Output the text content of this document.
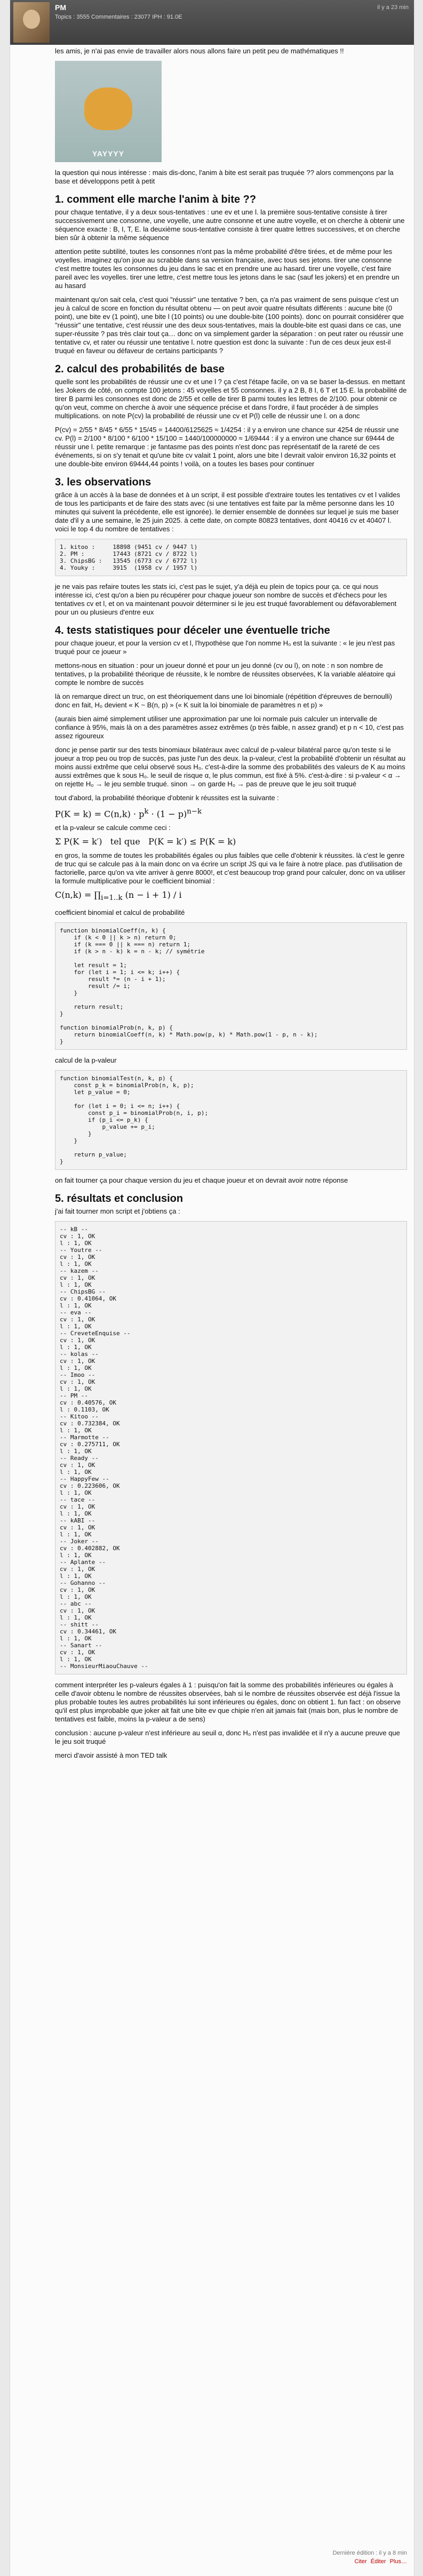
PM
Topics : 3555 Commentaires : 23077 IPH : 91.0E
il y a 23 min

les amis, je n'ai pas envie de travailler alors nous allons faire un petit peu de mathématiques !!

YAYYYY

la question qui nous intéresse : mais dis-donc, l'anim à bite est serait pas truquée ?? alors commençons par la base et développons petit à petit

1. comment elle marche l'anim à bite ??

pour chaque tentative, il y a deux sous-tentatives : une ev et une l. la première sous-tentative consiste à tirer successivement une consonne, une voyelle, une autre consonne et une autre voyelle, et on cherche à obtenir une séquence exacte : B, I, T, E. la deuxième sous-tentative consiste à tirer quatre lettres successives, et on cherche bien sûr à obtenir la même séquence

attention petite subtilité, toutes les consonnes n'ont pas la même probabilité d'être tirées, et de même pour les voyelles. imaginez qu'on joue au scrabble dans sa version française, avec tous ses jetons. tirer une consonne c'est mettre toutes les consonnes du jeu dans le sac et en prendre une au hasard. tirer une voyelle, c'est faire pareil avec les voyelles. tirer une lettre, c'est mettre tous les jetons dans le sac (sauf les jokers) et en prendre un au hasard

maintenant qu'on sait cela, c'est quoi "réussir" une tentative ? ben, ça n'a pas vraiment de sens puisque c'est un jeu à calcul de score en fonction du résultat obtenu — on peut avoir quatre résultats différents : aucune bite (0 point), une bite ev (1 point), une bite l (10 points) ou une double-bite (100 points). donc on pourrait considérer que "réussir" une tentative, c'est réussir une des deux sous-tentatives, mais la double-bite est quasi dans ce cas, une super-réussite ? pas très clair tout ça… donc on va simplement garder la séparation : on peut rater ou réussir une tentative cv, et rater ou réussir une tentative l. notre question est donc la suivante : l'un de ces deux jeux est-il truqué en faveur ou défaveur de certains participants ?

2. calcul des probabilités de base

quelle sont les probabilités de réussir une cv et une l ? ça c'est l'étape facile, on va se baser la-dessus. en mettant les Jokers de côté, on compte 100 jetons : 45 voyelles et 55 consonnes. il y a 2 B, 8 I, 6 T et 15 E. la probabilité de tirer B parmi les consonnes est donc de 2/55 et celle de tirer B parmi toutes les lettres de 2/100. pour obtenir ce qu'on veut, comme on cherche à avoir une séquence précise et dans l'ordre, il faut procéder à de simples multiplications. on note P(cv) la probabilité de réussir une cv et P(l) celle de réussir une l. on a donc

P(cv) = 2/55 * 8/45 * 6/55 * 15/45 = 14400/6125625 ≈ 1/4254 : il y a environ une chance sur 4254 de réussir une cv. P(l) = 2/100 * 8/100 * 6/100 * 15/100 = 1440/100000000 ≈ 1/69444 : il y a environ une chance sur 69444 de réussir une l. petite remarque : je fantasme pas des points n'est donc pas représentatif de la rareté de ces événements, si on s'y tenait et qu'une bite cv valait 1 point, alors une bite l devrait valoir environ 16,32 points et une double-bite environ 69444,44 points ! voilà, on a toutes les bases pour continuer

3. les observations

grâce à un accès à la base de données et à un script, il est possible d'extraire toutes les tentatives cv et l valides de tous les participants et de faire des stats avec (si une tentatives est faite par la même personne dans les 10 minutes qui suivent la précédente, elle est ignorée). le dernier ensemble de données sur lequel je suis me baser date d'il y a une semaine, le 25 juin 2025. à cette date, on compte 80823 tentatives, dont 40416 cv et 40407 l. voici le top 4 du nombre de tentatives :

1. kitoo :     18898 (9451 cv / 9447 l)
2. PM :        17443 (8721 cv / 8722 l)
3. ChipsBG :   13545 (6773 cv / 6772 l)
4. Youky :     3915  (1958 cv / 1957 l)

je ne vais pas refaire toutes les stats ici, c'est pas le sujet, y'a déjà eu plein de topics pour ça. ce qui nous intéresse ici, c'est qu'on a bien pu récupérer pour chaque joueur son nombre de succès et d'échecs pour les tentatives cv et l, et on va maintenant pouvoir déterminer si le jeu est truqué favorablement ou défavorablement pour un ou plusieurs d'entre eux

4. tests statistiques pour déceler une éventuelle triche

pour chaque joueur, et pour la version cv et l, l'hypothèse que l'on nomme H₀ est la suivante : « le jeu n'est pas truqué pour ce joueur »

mettons-nous en situation : pour un joueur donné et pour un jeu donné (cv ou l), on note : n son nombre de tentatives, p la probabilité théorique de réussite, k le nombre de réussites observées, K la variable aléatoire qui compte le nombre de succès

là on remarque direct un truc, on est théoriquement dans une loi binomiale (répétition d'épreuves de bernoulli) donc en fait, H₀ devient « K ~ B(n, p) » (« K suit la loi binomiale de paramètres n et p) »

(aurais bien aimé simplement utiliser une approximation par une loi normale puis calculer un intervalle de confiance à 95%, mais là on a des paramètres assez extrêmes (p très faible, n assez grand) et p n < 10, c'est pas assez rigoureux

donc je pense partir sur des tests binomiaux bilatéraux avec calcul de p-valeur bilatéral parce qu'on teste si le joueur a trop peu ou trop de succès, pas juste l'un des deux. la p-valeur, c'est la probabilité d'obtenir un résultat au moins aussi extrême que celui observé sous H₀. c'est-à-dire la somme des probabilités des valeurs de K au moins aussi extrêmes que k sous H₀. le seuil de risque α, le plus commun, est fixé à 5%. c'est-à-dire : si p-valeur < α → on rejette H₀ → le jeu semble truqué. sinon → on garde H₀ → pas de preuve que le jeu soit truqué

tout d'abord, la probabilité théorique d'obtenir k réussites est la suivante :

$P(K = k) = C(n,k) \cdot p^k \cdot (1 - p)^{n-k}$

et la p-valeur se calcule comme ceci :

Σ P(K = k′)   tel que   P(K = k′) ≤ P(K = k)

en gros, la somme de toutes les probabilités égales ou plus faibles que celle d'obtenir k réussites. là c'est le genre de truc qui se calcule pas à la main donc on va écrire un script JS qui va le faire à notre place. pas d'utilisation de factorielle, parce qu'on va vite arriver à genre 8000!, et c'est beaucoup trop grand pour calculer, donc on va utiliser la formule multiplicative pour le coefficient binomial :

$C(n,k) = \prod_{i=1..k}$ (n − i + 1) / i

coefficient binomial et calcul de probabilité

function binomialCoeff(n, k) {
if (k < 0 || k > n) return 0;
if (k === 0 || k === n) return 1;
if (k > n - k) k = n - k; // symétrie

let result = 1;
for (let i = 1; i <= k; i++) {
result *= (n - i + 1);
result /= i;
}

return result;
}

function binomialProb(n, k, p) {
return binomialCoeff(n, k) * Math.pow(p, k) * Math.pow(1 - p, n - k);
}

calcul de la p-valeur

function binomialTest(n, k, p) {
const p_k = binomialProb(n, k, p);
let p_value = 0;

for (let i = 0; i <= n; i++) {
const p_i = binomialProb(n, i, p);
if (p_i <= p_k) {
p_value += p_i;
}
}

return p_value;
}

on fait tourner ça pour chaque version du jeu et chaque joueur et on devrait avoir notre réponse

5. résultats et conclusion

j'ai fait tourner mon script et j'obtiens ça :

-- kB --
cv : 1, OK
l : 1, OK
-- Youtre --
cv : 1, OK
l : 1, OK
-- kazem --
cv : 1, OK
l : 1, OK
-- ChipsBG --
cv : 0.41064, OK
l : 1, OK
-- eva --
cv : 1, OK
l : 1, OK
-- CreveteEnquise --
cv : 1, OK
l : 1, OK
-- kolas --
cv : 1, OK
l : 1, OK
-- Imoo --
cv : 1, OK
l : 1, OK
-- PM --
cv : 0.40576, OK
l : 0.1103, OK
-- Kitoo --
cv : 0.732384, OK
l : 1, OK
-- Marmotte --
cv : 0.275711, OK
l : 1, OK
-- Ready --
cv : 1, OK
l : 1, OK
-- HappyFew --
cv : 0.223606, OK
l : 1, OK
-- tace --
cv : 1, OK
l : 1, OK
-- kABI --
cv : 1, OK
l : 1, OK
-- Joker --
cv : 0.402882, OK
l : 1, OK
-- Aplante --
cv : 1, OK
l : 1, OK
-- Gohanno --
cv : 1, OK
l : 1, OK
-- abc --
cv : 1, OK
l : 1, OK
-- shitt --
cv : 0.34461, OK
l : 1, OK
-- Sanart --
cv : 1, OK
l : 1, OK
-- MonsieurMiaouChauve --

comment interpréter les p-valeurs égales à 1 : puisqu'on fait la somme des probabilités inférieures ou égales à celle d'avoir obtenu le nombre de réussites observées, bah si le nombre de réussites observée est déjà l'issue la plus probable toutes les autres probabilités lui sont inférieures ou égales, donc on obtient 1. fun fact : on observe qu'il est plus improbable que joker ait fait une bite ev que chipie n'en ait jamais fait (mais bon, plus le nombre de tentatives est faible, moins la p-valeur a de sens)

conclusion : aucune p-valeur n'est inférieure au seuil α, donc H₀ n'est pas invalidée et il n'y a aucune preuve que le jeu soit truqué

merci d'avoir assisté à mon TED talk

Dernière édition : il y a 8 min
Citer Éditer Plus…
